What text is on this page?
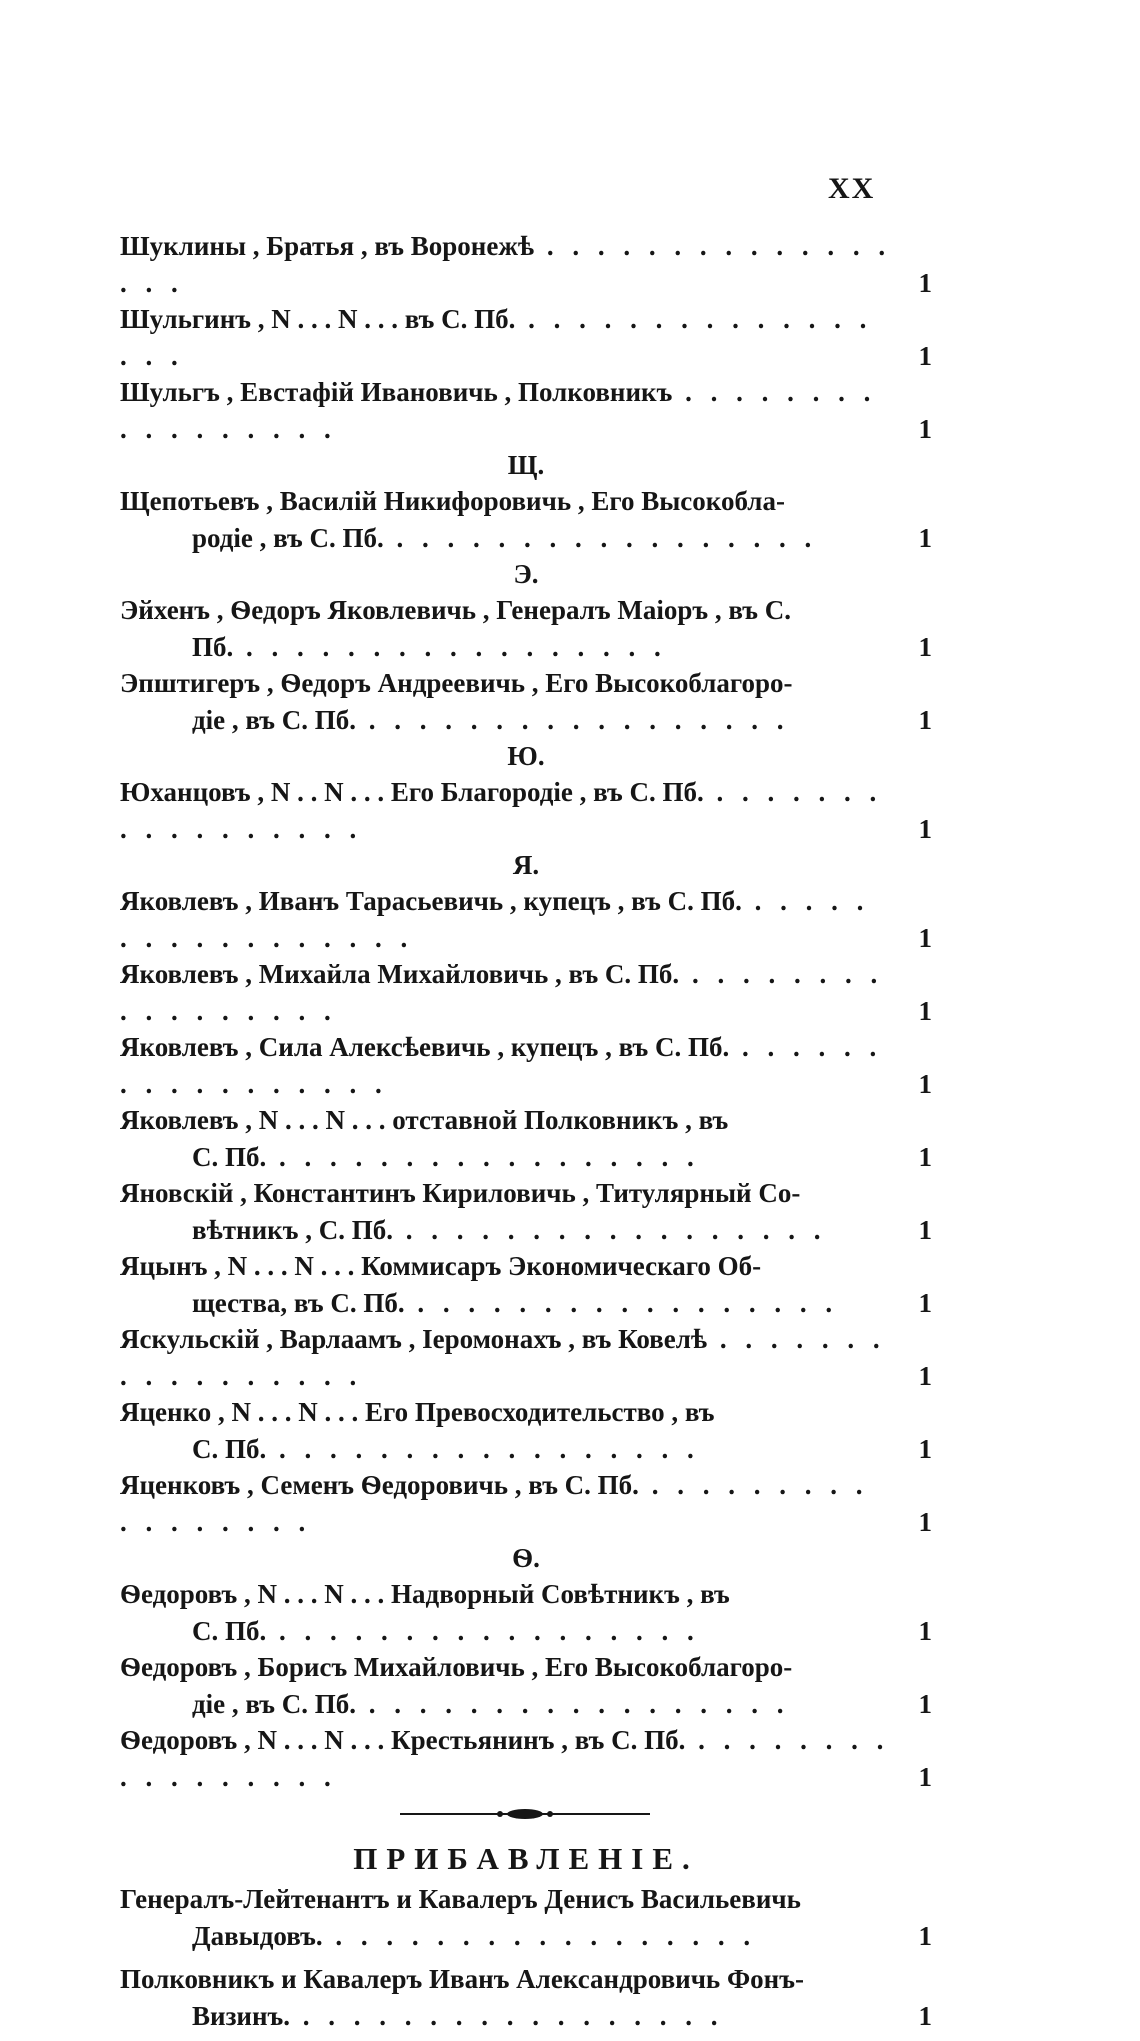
XX
Шуклины , Братья , въ Воронежѣ . . . . . . . . . . . . . . . . .	1
Шульгинъ , N . . . N . . . въ С. Пб. . . . . . . . . . . . . . . . . .	1
Шульгъ , Евстафій Ивановичь , Полковникъ . . . . . . . . . . . . . . . . .	1
Щ.
Щепотьевъ , Василій Никифоровичь , Его Высокобла-
родіе , въ С. Пб. . . . . . . . . . . . . . . . . .	1
Э.
Эйхенъ , Ѳедоръ Яковлевичь , Генералъ Маіоръ , въ С.
Пб. . . . . . . . . . . . . . . . . .	1
Эпштигеръ , Ѳедоръ Андреевичь , Его Высокоблагоро-
діе , въ С. Пб. . . . . . . . . . . . . . . . . .	1
Ю.
Юханцовъ , N . . N . . . Его Благородіе , въ С. Пб. . . . . . . . . . . . . . . . . .	1
Я.
Яковлевъ , Иванъ Тарасьевичь , купецъ , въ С. Пб. . . . . . . . . . . . . . . . . .	1
Яковлевъ , Михайла Михайловичь , въ С. Пб. . . . . . . . . . . . . . . . . .	1
Яковлевъ , Сила Алексѣевичь , купецъ , въ С. Пб. . . . . . . . . . . . . . . . . .	1
Яковлевъ , N . . . N . . . отставной Полковникъ , въ
С. Пб. . . . . . . . . . . . . . . . . .	1
Яновскій , Константинъ Кириловичь , Титулярный Со-
вѣтникъ , С. Пб. . . . . . . . . . . . . . . . . .	1
Яцынъ , N . . . N . . . Коммисаръ Экономическаго Об-
щества, въ С. Пб. . . . . . . . . . . . . . . . . .	1
Яскульскій , Варлаамъ , Іеромонахъ , въ Ковелѣ . . . . . . . . . . . . . . . . .	1
Яценко , N . . . N . . . Его Превосходительство , въ
С. Пб. . . . . . . . . . . . . . . . . .	1
Яценковъ , Семенъ Ѳедоровичь , въ С. Пб. . . . . . . . . . . . . . . . . .	1
Ѳ.
Ѳедоровъ , N . . . N . . . Надворный Совѣтникъ , въ
С. Пб. . . . . . . . . . . . . . . . . .	1
Ѳедоровъ , Борисъ Михайловичь , Его Высокоблагоро-
діе , въ С. Пб. . . . . . . . . . . . . . . . . .	1
Ѳедоровъ , N . . . N . . . Крестьянинъ , въ С. Пб. . . . . . . . . . . . . . . . . .	1
ПРИБАВЛЕНІЕ.
Генералъ-Лейтенантъ и Кавалеръ Денисъ Васильевичь
Давыдовъ. . . . . . . . . . . . . . . . . .	1
Полковникъ и Кавалеръ Иванъ Александровичь Фонъ-
Визинъ. . . . . . . . . . . . . . . . . .	1
